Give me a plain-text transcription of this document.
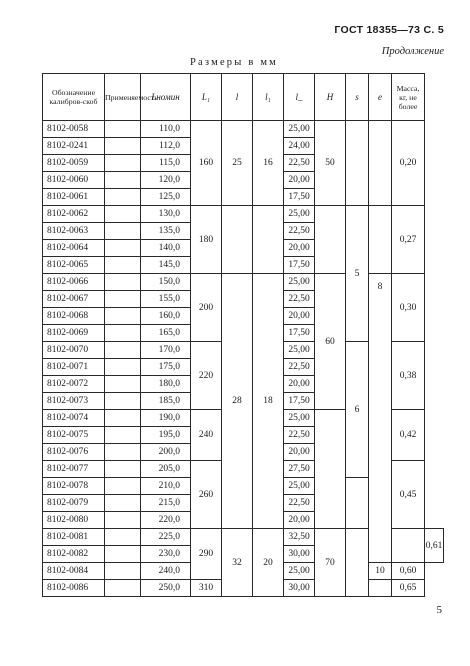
ГОСТ 18355—73 С. 5
Продолжение
Размеры в мм
Обозначение калибров-скоб	Применяемость	Lномин	L₁	l	l₁	l_	H	s	e	Масса, кг, не более	
8102-0058		110,0	160	25	16	25,00	50			0,20	
8102-0241		112,0				24,00					
8102-0059		115,0				22,50					
8102-0060		120,0				20,00					
8102-0061		125,0				17,50					
8102-0062		130,0	180			25,00		5		0,27	
8102-0063		135,0				22,50					
8102-0064		140,0				20,00					
8102-0065		145,0				17,50					
8102-0066		150,0	200	28	18	25,00	60		8	0,30	
8102-0067		155,0				22,50					
8102-0068		160,0				20,00					
8102-0069		165,0				17,50					
8102-0070		170,0	220			25,00		6		0,38	
8102-0071		175,0				22,50					
8102-0072		180,0				20,00					
8102-0073		185,0				17,50					
8102-0074		190,0	240			25,00				0,42	
8102-0075		195,0				22,50					
8102-0076		200,0				20,00					
8102-0077		205,0	260			27,50				0,45	
8102-0078		210,0				25,00					
8102-0079		215,0				22,50					
8102-0080		220,0				20,00					
8102-0081		225,0	290	32	20	32,50	70				0,61
8102-0082		230,0				30,00					
8102-0084		240,0				25,00			10	0,60	
8102-0086		250,0	310			30,00				0,65	
5
